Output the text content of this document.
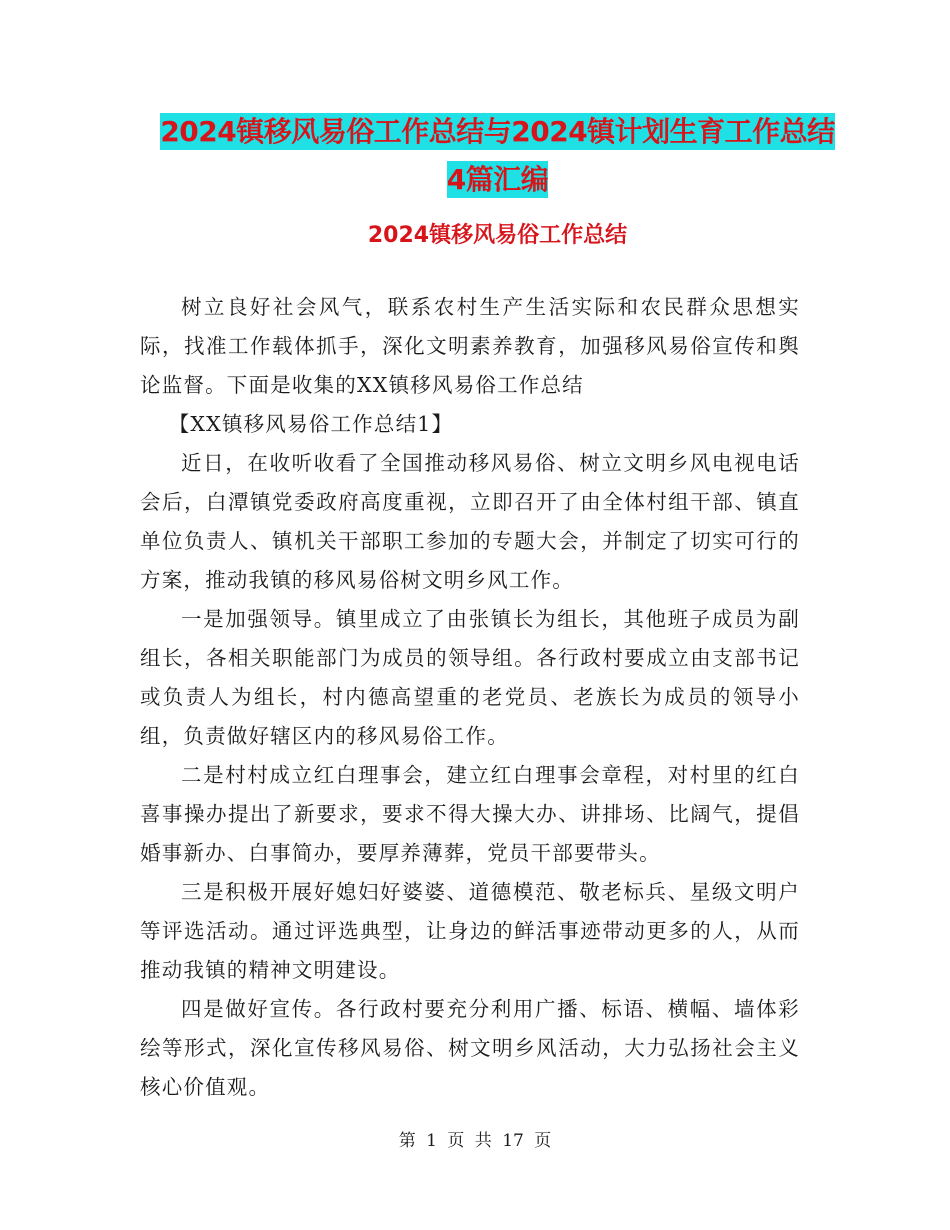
2024镇移风易俗工作总结与2024镇计划生育工作总结
4篇汇编
2024镇移风易俗工作总结

树立良好社会风气，联系农村生产生活实际和农民群众思想实际，找准工作载体抓手，深化文明素养教育，加强移风易俗宣传和舆论监督。下面是收集的XX镇移风易俗工作总结

【XX镇移风易俗工作总结1】

近日，在收听收看了全国推动移风易俗、树立文明乡风电视电话会后，白潭镇党委政府高度重视，立即召开了由全体村组干部、镇直单位负责人、镇机关干部职工参加的专题大会，并制定了切实可行的方案，推动我镇的移风易俗树文明乡风工作。

一是加强领导。镇里成立了由张镇长为组长，其他班子成员为副组长，各相关职能部门为成员的领导组。各行政村要成立由支部书记或负责人为组长，村内德高望重的老党员、老族长为成员的领导小组，负责做好辖区内的移风易俗工作。

二是村村成立红白理事会，建立红白理事会章程，对村里的红白喜事操办提出了新要求，要求不得大操大办、讲排场、比阔气，提倡婚事新办、白事简办，要厚养薄葬，党员干部要带头。

三是积极开展好媳妇好婆婆、道德模范、敬老标兵、星级文明户等评选活动。通过评选典型，让身边的鲜活事迹带动更多的人，从而推动我镇的精神文明建设。

四是做好宣传。各行政村要充分利用广播、标语、横幅、墙体彩绘等形式，深化宣传移风易俗、树文明乡风活动，大力弘扬社会主义核心价值观。

第 1 页 共 17 页
